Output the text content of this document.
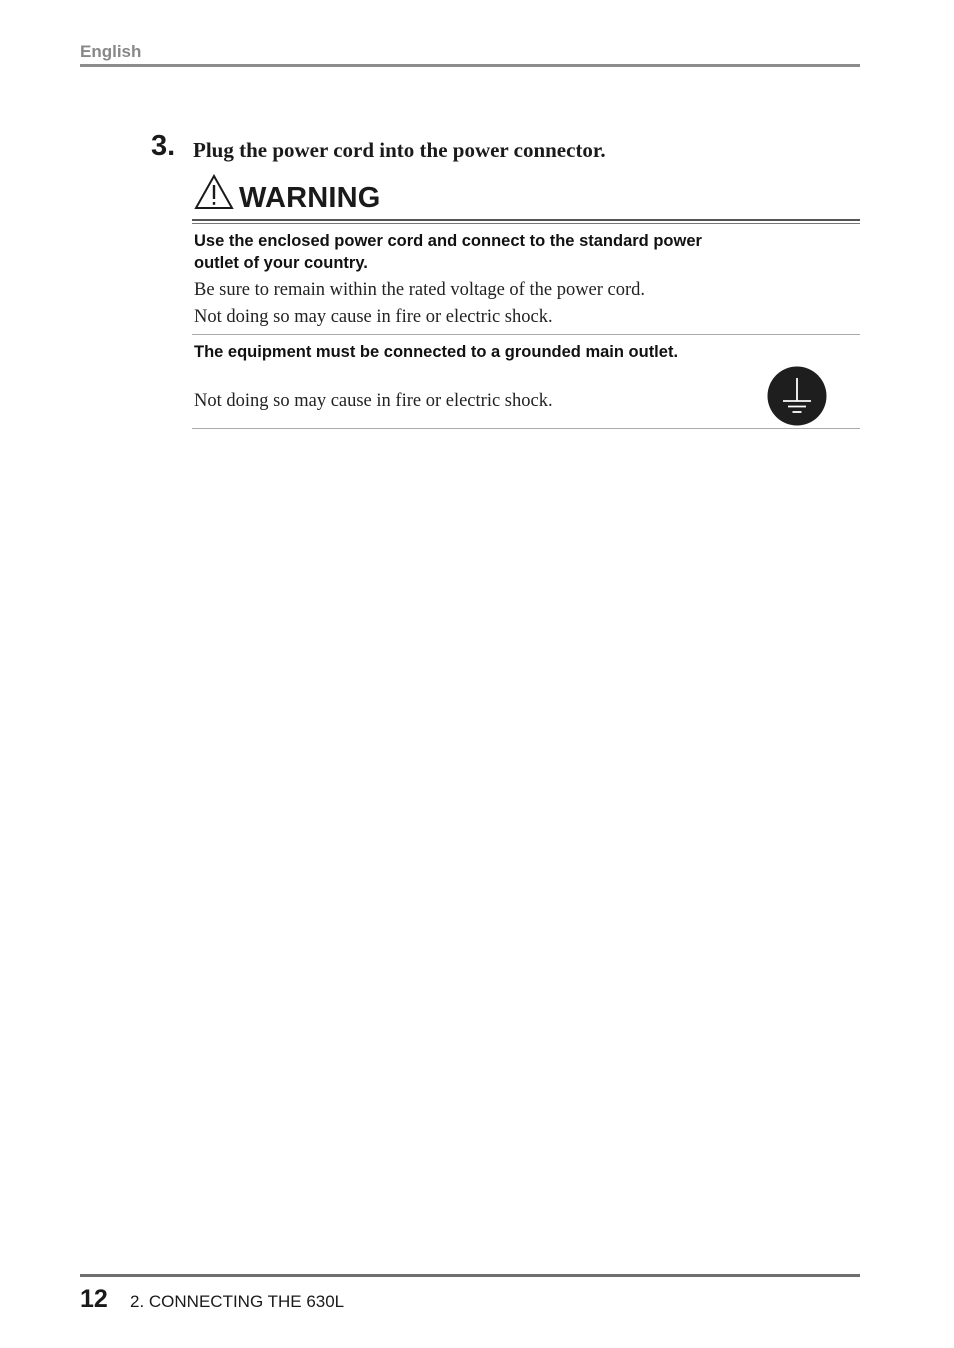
English
3. Plug the power cord into the power connector.
WARNING
Use the enclosed power cord and connect to the standard power outlet of your country.
Be sure to remain within the rated voltage of the power cord.
Not doing so may cause in fire or electric shock.
The equipment must be connected to a grounded main outlet.
Not doing so may cause in fire or electric shock.
12 2. CONNECTING THE 630L
